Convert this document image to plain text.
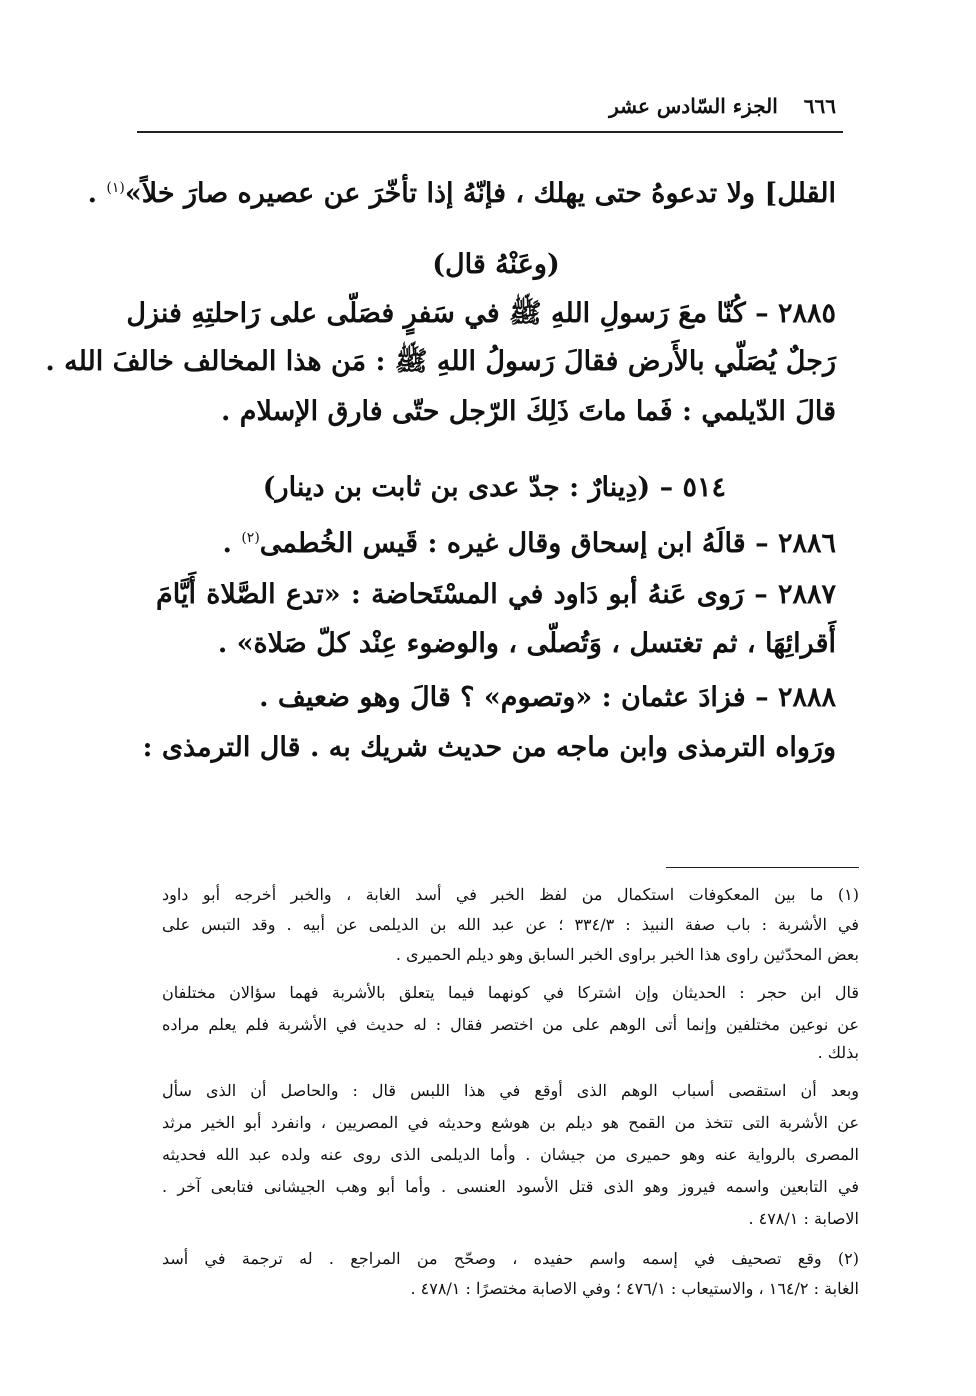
٦٦٦
الجزء السّادس عشر
القلل] ولا تدعوهُ حتى يهلك ، فإنّهُ إذا تأخّرَ عن عصيره صارَ خلاً»$^{(١)}$ .
(وعَنْهُ قال)
٢٨٨٥ – كُنّا معَ رَسولِ اللهِ ﷺ في سَفرٍ فصَلّى على رَاحلتِهِ فنزل
رَجلٌ يُصَلّي بالأَرض فقالَ رَسولُ اللهِ ﷺ : مَن هذا المخالف خالفَ الله .
قالَ الدّيلمي : فَما ماتَ ذَلِكَ الرّجل حتّى فارق الإسلام .
٥١٤ – (دِينارٌ : جدّ عدى بن ثابت بن دينار)
٢٨٨٦ – قالَهُ ابن إسحاق وقال غيره : قَيس الخُطمى$^{(٢)}$ .
٢٨٨٧ – رَوى عَنهُ أبو دَاود في المسْتَحاضة : «تدع الصَّلاة أَيَّامَ
أَقرائِهَا ، ثم تغتسل ، وَتُصلّى ، والوضوء عِنْد كلّ صَلاة» .
٢٨٨٨ – فزادَ عثمان : «وتصوم» ؟ قالَ وهو ضعيف .
ورَواه الترمذى وابن ماجه من حديث شريك به . قال الترمذى :
(١) ما بين المعكوفات استكمال من لفظ الخبر في أسد الغابة ، والخبر أخرجه أبو داود
في الأشربة : باب صفة النبيذ : ٣٣٤/٣ ؛ عن عبد الله بن الديلمى عن أبيه . وقد التبس على
بعض المحدّثين راوى هذا الخبر براوى الخبر السابق وهو ديلم الحميرى .
قال ابن حجر : الحديثان وإن اشتركا في كونهما فيما يتعلق بالأشربة فهما سؤالان مختلفان
عن نوعين مختلفين وإنما أتى الوهم على من اختصر فقال : له حديث في الأشربة فلم يعلم مراده
بذلك .
وبعد أن استقصى أسباب الوهم الذى أوقع في هذا اللبس قال : والحاصل أن الذى سأل
عن الأشربة التى تتخذ من القمح هو ديلم بن هوشع وحديثه في المصريين ، وانفرد أبو الخير مرثد
المصرى بالرواية عنه وهو حميرى من جيشان . وأما الديلمى الذى روى عنه ولده عبد الله فحديثه
في التابعين واسمه فيروز وهو الذى قتل الأسود العنسى . وأما أبو وهب الجيشانى فتابعى آخر .
الاصابة : ٤٧٨/١ .
(٢) وقع تصحيف في إسمه واسم حفيده ، وصحّح من المراجع . له ترجمة في أسد
الغابة : ١٦٤/٢ ، والاستيعاب : ٤٧٦/١ ؛ وفي الاصابة مختصرًا : ٤٧٨/١ .
